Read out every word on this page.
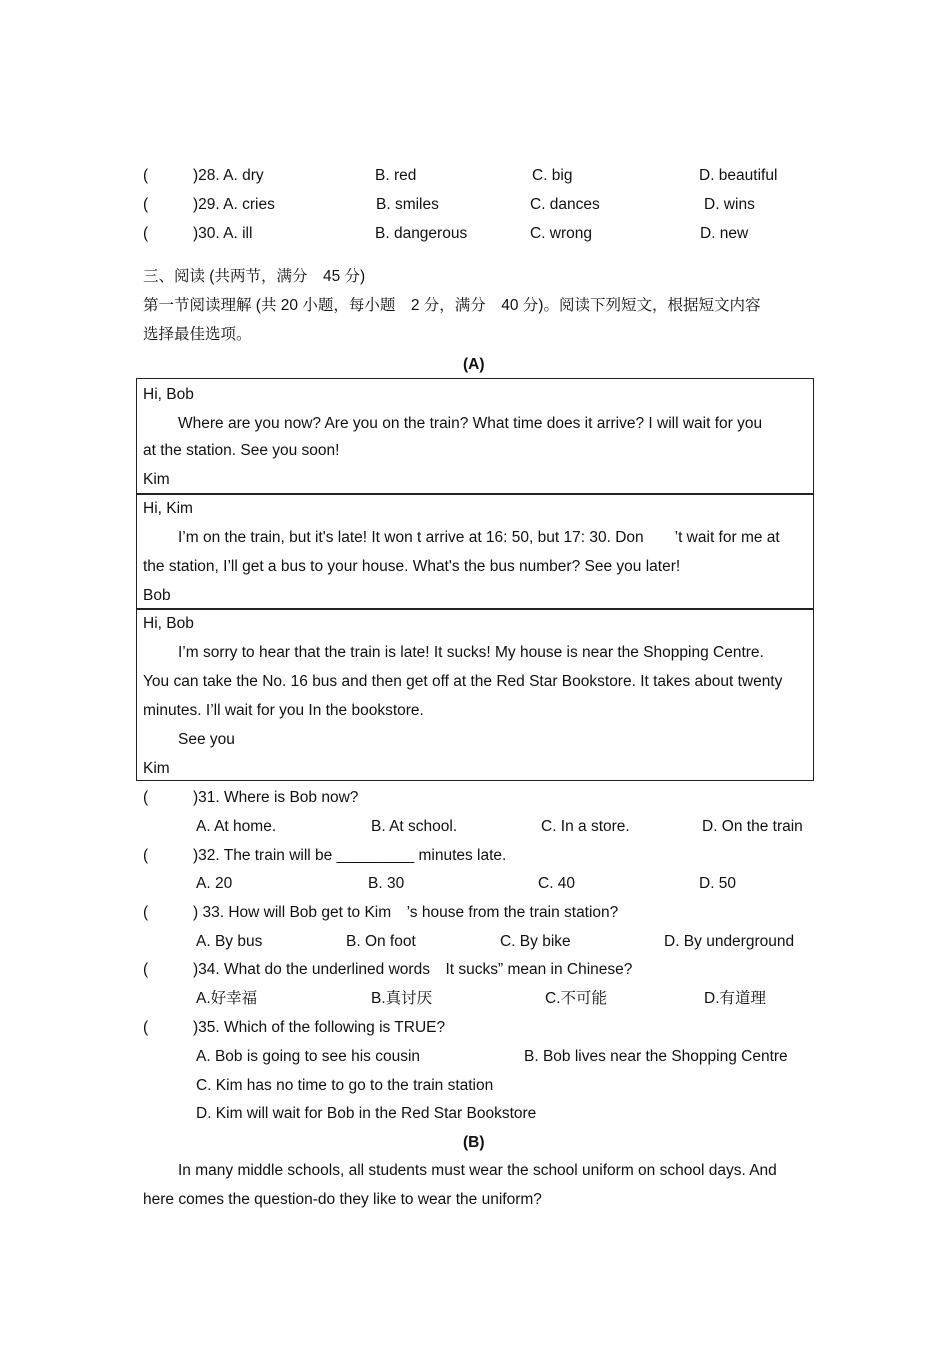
(	)28. A. dry	B. red	C. big	D. beautiful
(	)29. A. cries	B. smiles	C. dances	D. wins
(	)30. A. ill	B. dangerous	C. wrong	D. new
三、阅读 (共两节，满分　45 分)
第一节阅读理解 (共 20 小题，每小题　2 分，满分　40 分)。阅读下列短文，根据短文内容
选择最佳选项。
(A)
Hi, Bob
Where are you now? Are you on the train? What time does it arrive? I will wait for you
at the station. See you soon!
Kim
Hi, Kim
I’m on the train, but it's late! It won t arrive at 16: 50, but 17: 30. Don　　’t wait for me at
the station, I’ll get a bus to your house. What's the bus number? See you later!
Bob
Hi, Bob
I’m sorry to hear that the train is late! It sucks! My house is near the Shopping Centre.
You can take the No. 16 bus and then get off at the Red Star Bookstore. It takes about twenty
minutes. I’ll wait for you In the bookstore.
See you
Kim
(	)31. Where is Bob now?
A. At home.	B. At school.	C. In a store.	D. On the train
(	)32. The train will be _________ minutes late.
A. 20	B. 30	C. 40	D. 50
(	) 33. How will Bob get to Kim　’s house from the train station?
A. By bus	B. On foot	C. By bike	D. By underground
(	)34. What do the underlined words　It sucks” mean in Chinese?
A.好幸福	B.真讨厌	C.不可能	D.有道理
(	)35. Which of the following is TRUE?
A. Bob is going to see his cousin	B. Bob lives near the Shopping Centre
C. Kim has no time to go to the train station
D. Kim will wait for Bob in the Red Star Bookstore
(B)
In many middle schools, all students must wear the school uniform on school days. And
here comes the question-do they like to wear the uniform?
